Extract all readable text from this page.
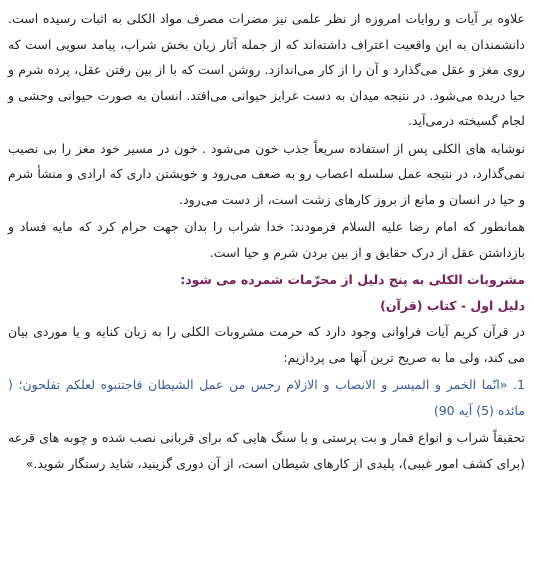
علاوه بر آیات و روایات امروزه از نظر علمی نیز مضرات مصرف مواد الکلی به اثبات رسیده است. دانشمندان به این واقعیت اعتراف داشته‌اند که از جمله آثار زیان بخش شراب، پیامد سویی است که روی مغز و عقل می‌گذارد و آن را از کار می‌اندازد. روشن است که با از بین رفتن عقل، پرده شرم و حیا دریده می‌شود. در نتیجه میدان به دست غرایز حیوانی می‌افتد. انسان به صورت حیوانی وحشی و لجام گسیخته درمی‌آید.

نوشابه های الکلی پس از استفاده سریعاً جذب خون می‌شود . خون در مسیر خود مغز را بی نصیب نمی‌گذارد، در نتیجه عمل سلسله اعصاب رو به ضعف می‌رود و خویشتن داری که ارادی و منشأ شرم و حیا در انسان و مانع از بروز کارهای زشت است، از دست می‌رود.

همانطور که امام رضا علیه السلام فرمودند: خدا شراب را بدان جهت حرام کرد که مایه فساد و بازداشتن عقل از درک حقایق و از بین بردن شرم و حیا است.

مشروبات الکلی به پنج دلیل از محرّمات شمرده می شود:
دلیل اول - کتاب (قرآن)

در قرآن کریم آیات فراوانی وجود دارد که حرمت مشروبات الکلی را به زبان کنایه و یا موردی بیان می کند، ولی ما به صریح ترین آنها می پردازیم:

1. «انّما الخمر و المیسر و الانصاب و الازلام رجس من عمل الشیطان فاجتنبوه لعلکم تفلحون؛ ( مائده (5) آیه 90)

تحقیقاً شراب و انواع قمار و بت پرستی و یا سنگ هایی که برای قربانی نصب شده و چوبه های قرعه (برای کشف امور غیبی)، پلیدی از کارهای شیطان است، از آن دوری گزینید، شاید رستگار شوید.»
